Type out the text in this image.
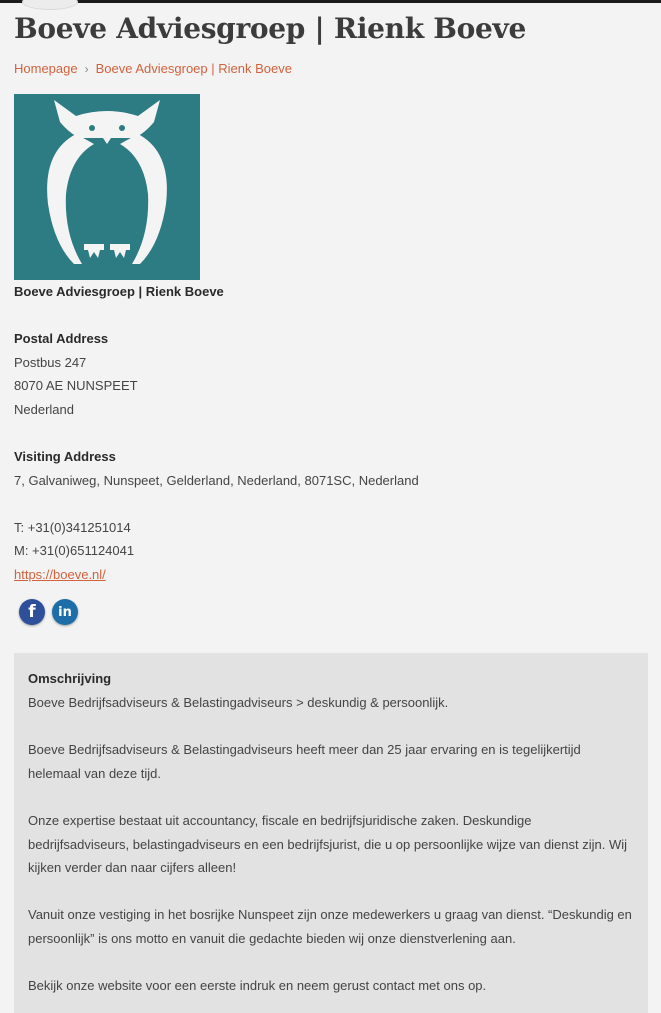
Boeve Adviesgroep | Rienk Boeve
Homepage › Boeve Adviesgroep | Rienk Boeve
Boeve Adviesgroep | Rienk Boeve
Postal Address
Postbus 247
8070 AE NUNSPEET
Nederland
Visiting Address
7, Galvaniweg, Nunspeet, Gelderland, Nederland, 8071SC, Nederland
T: +31(0)341251014
M: +31(0)651124041
https://boeve.nl/
f	in
Omschrijving

Boeve Bedrijfsadviseurs & Belastingadviseurs > deskundig & persoonlijk.

Boeve Bedrijfsadviseurs & Belastingadviseurs heeft meer dan 25 jaar ervaring en is tegelijkertijd helemaal van deze tijd.

Onze expertise bestaat uit accountancy, fiscale en bedrijfsjuridische zaken. Deskundige bedrijfsadviseurs, belastingadviseurs en een bedrijfsjurist, die u op persoonlijke wijze van dienst zijn. Wij kijken verder dan naar cijfers alleen!

Vanuit onze vestiging in het bosrijke Nunspeet zijn onze medewerkers u graag van dienst. “Deskundig en persoonlijk” is ons motto en vanuit die gedachte bieden wij onze dienstverlening aan.

Bekijk onze website voor een eerste indruk en neem gerust contact met ons op.
